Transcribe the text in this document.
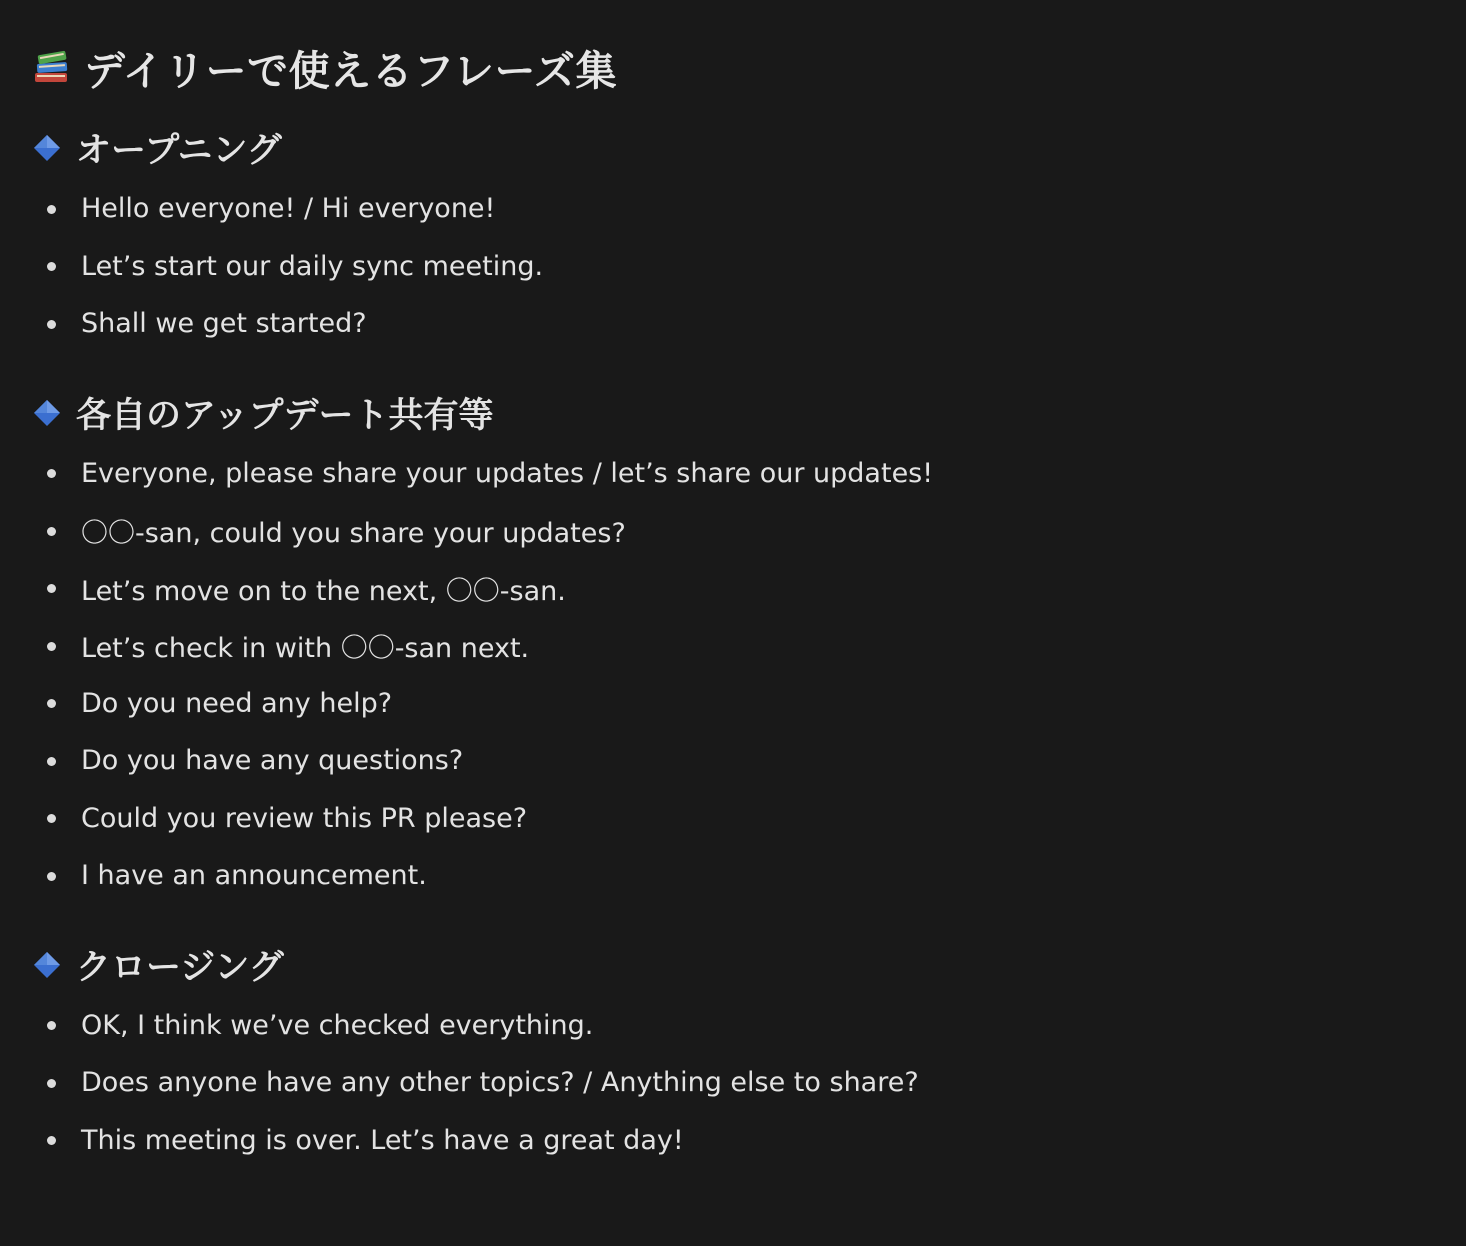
デイリーで使えるフレーズ集
オープニング
Hello everyone! / Hi everyone!
Let’s start our daily sync meeting.
Shall we get started?
各自のアップデート共有等
Everyone, please share your updates / let’s share our updates!
〇〇-san, could you share your updates?
Let’s move on to the next, 〇〇-san.
Let’s check in with 〇〇-san next.
Do you need any help?
Do you have any questions?
Could you review this PR please?
I have an announcement.
クロージング
OK, I think we’ve checked everything.
Does anyone have any other topics? / Anything else to share?
This meeting is over. Let’s have a great day!
